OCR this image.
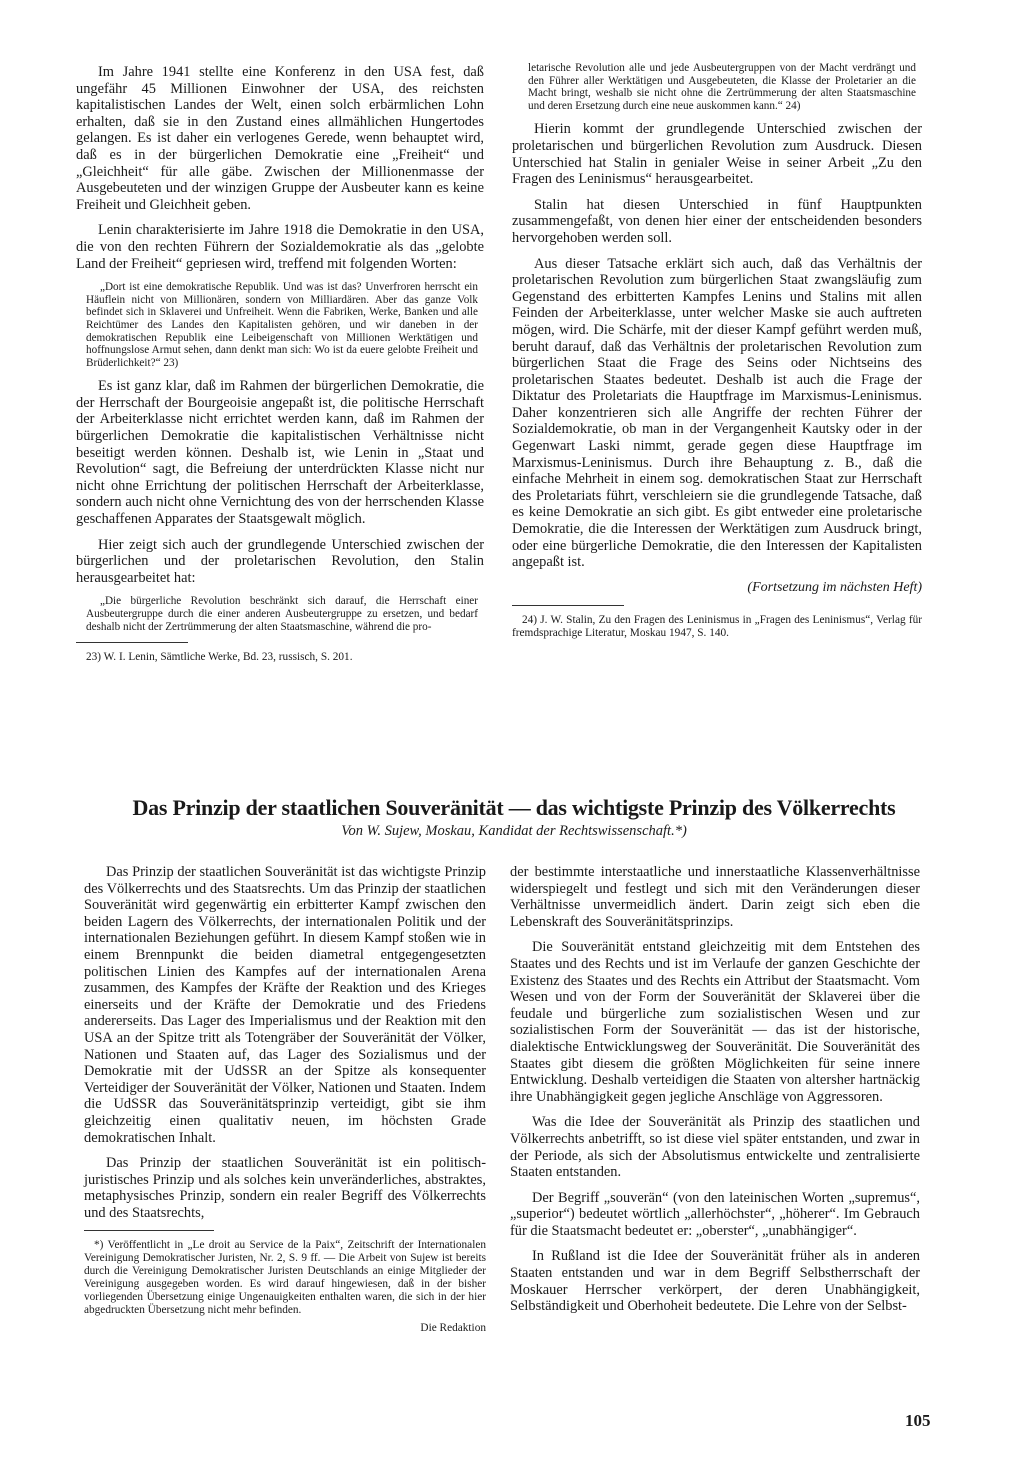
Im Jahre 1941 stellte eine Konferenz in den USA fest, daß ungefähr 45 Millionen Einwohner der USA, des reichsten kapitalistischen Landes der Welt, einen solch erbärmlichen Lohn erhalten, daß sie in den Zustand eines allmählichen Hungertodes gelangen. Es ist daher ein verlogenes Gerede, wenn behauptet wird, daß es in der bürgerlichen Demokratie eine „Freiheit“ und „Gleichheit“ für alle gäbe. Zwischen der Millionenmasse der Ausgebeuteten und der winzigen Gruppe der Ausbeuter kann es keine Freiheit und Gleichheit geben.

Lenin charakterisierte im Jahre 1918 die Demokratie in den USA, die von den rechten Führern der Sozialdemokratie als das „gelobte Land der Freiheit“ gepriesen wird, treffend mit folgenden Worten:

„Dort ist eine demokratische Republik. Und was ist das? Unverfroren herrscht ein Häuflein nicht von Millionären, sondern von Milliardären. Aber das ganze Volk befindet sich in Sklaverei und Unfreiheit. Wenn die Fabriken, Werke, Banken und alle Reichtümer des Landes den Kapitalisten gehören, und wir daneben in der demokratischen Republik eine Leibeigenschaft von Millionen Werktätigen und hoffnungslose Armut sehen, dann denkt man sich: Wo ist da euere gelobte Freiheit und Brüderlichkeit?“ 23)

Es ist ganz klar, daß im Rahmen der bürgerlichen Demokratie, die der Herrschaft der Bourgeoisie angepaßt ist, die politische Herrschaft der Arbeiterklasse nicht errichtet werden kann, daß im Rahmen der bürgerlichen Demokratie die kapitalistischen Verhältnisse nicht beseitigt werden können. Deshalb ist, wie Lenin in „Staat und Revolution“ sagt, die Befreiung der unterdrückten Klasse nicht nur nicht ohne Errichtung der politischen Herrschaft der Arbeiterklasse, sondern auch nicht ohne Vernichtung des von der herrschenden Klasse geschaffenen Apparates der Staatsgewalt möglich.

Hier zeigt sich auch der grundlegende Unterschied zwischen der bürgerlichen und der proletarischen Revolution, den Stalin herausgearbeitet hat:

„Die bürgerliche Revolution beschränkt sich darauf, die Herrschaft einer Ausbeutergruppe durch die einer anderen Ausbeutergruppe zu ersetzen, und bedarf deshalb nicht der Zertrümmerung der alten Staatsmaschine, während die pro-

23) W. I. Lenin, Sämtliche Werke, Bd. 23, russisch, S. 201.

letarische Revolution alle und jede Ausbeutergruppen von der Macht verdrängt und den Führer aller Werktätigen und Ausgebeuteten, die Klasse der Proletarier an die Macht bringt, weshalb sie nicht ohne die Zertrümmerung der alten Staatsmaschine und deren Ersetzung durch eine neue auskommen kann.“ 24)

Hierin kommt der grundlegende Unterschied zwischen der proletarischen und bürgerlichen Revolution zum Ausdruck. Diesen Unterschied hat Stalin in genialer Weise in seiner Arbeit „Zu den Fragen des Leninismus“ herausgearbeitet.

Stalin hat diesen Unterschied in fünf Hauptpunkten zusammengefaßt, von denen hier einer der entscheidenden besonders hervorgehoben werden soll.

Aus dieser Tatsache erklärt sich auch, daß das Verhältnis der proletarischen Revolution zum bürgerlichen Staat zwangsläufig zum Gegenstand des erbitterten Kampfes Lenins und Stalins mit allen Feinden der Arbeiterklasse, unter welcher Maske sie auch auftreten mögen, wird. Die Schärfe, mit der dieser Kampf geführt werden muß, beruht darauf, daß das Verhältnis der proletarischen Revolution zum bürgerlichen Staat die Frage des Seins oder Nichtseins des proletarischen Staates bedeutet. Deshalb ist auch die Frage der Diktatur des Proletariats die Hauptfrage im Marxismus-Leninismus. Daher konzentrieren sich alle Angriffe der rechten Führer der Sozialdemokratie, ob man in der Vergangenheit Kautsky oder in der Gegenwart Laski nimmt, gerade gegen diese Hauptfrage im Marxismus-Leninismus. Durch ihre Behauptung z. B., daß die einfache Mehrheit in einem sog. demokratischen Staat zur Herrschaft des Proletariats führt, verschleiern sie die grundlegende Tatsache, daß es keine Demokratie an sich gibt. Es gibt entweder eine proletarische Demokratie, die die Interessen der Werktätigen zum Ausdruck bringt, oder eine bürgerliche Demokratie, die den Interessen der Kapitalisten angepaßt ist.

(Fortsetzung im nächsten Heft)

24) J. W. Stalin, Zu den Fragen des Leninismus in „Fragen des Leninismus“, Verlag für fremdsprachige Literatur, Moskau 1947, S. 140.

Das Prinzip der staatlichen Souveränität — das wichtigste Prinzip des Völkerrechts
Von W. Sujew, Moskau, Kandidat der Rechtswissenschaft.*)

Das Prinzip der staatlichen Souveränität ist das wichtigste Prinzip des Völkerrechts und des Staatsrechts. Um das Prinzip der staatlichen Souveränität wird gegenwärtig ein erbitterter Kampf zwischen den beiden Lagern des Völkerrechts, der internationalen Politik und der internationalen Beziehungen geführt. In diesem Kampf stoßen wie in einem Brennpunkt die beiden diametral entgegengesetzten politischen Linien des Kampfes auf der internationalen Arena zusammen, des Kampfes der Kräfte der Reaktion und des Krieges einerseits und der Kräfte der Demokratie und des Friedens andererseits. Das Lager des Imperialismus und der Reaktion mit den USA an der Spitze tritt als Totengräber der Souveränität der Völker, Nationen und Staaten auf, das Lager des Sozialismus und der Demokratie mit der UdSSR an der Spitze als konsequenter Verteidiger der Souveränität der Völker, Nationen und Staaten. Indem die UdSSR das Souveränitätsprinzip verteidigt, gibt sie ihm gleichzeitig einen qualitativ neuen, im höchsten Grade demokratischen Inhalt.

Das Prinzip der staatlichen Souveränität ist ein politisch-juristisches Prinzip und als solches kein unveränderliches, abstraktes, metaphysisches Prinzip, sondern ein realer Begriff des Völkerrechts und des Staatsrechts,

*) Veröffentlicht in „Le droit au Service de la Paix“, Zeitschrift der Internationalen Vereinigung Demokratischer Juristen, Nr. 2, S. 9 ff. — Die Arbeit von Sujew ist bereits durch die Vereinigung Demokratischer Juristen Deutschlands an einige Mitglieder der Vereinigung ausgegeben worden. Es wird darauf hingewiesen, daß in der bisher vorliegenden Übersetzung einige Ungenauigkeiten enthalten waren, die sich in der hier abgedruckten Übersetzung nicht mehr befinden.

Die Redaktion

der bestimmte interstaatliche und innerstaatliche Klassenverhältnisse widerspiegelt und festlegt und sich mit den Veränderungen dieser Verhältnisse unvermeidlich ändert. Darin zeigt sich eben die Lebenskraft des Souveränitätsprinzips.

Die Souveränität entstand gleichzeitig mit dem Entstehen des Staates und des Rechts und ist im Verlaufe der ganzen Geschichte der Existenz des Staates und des Rechts ein Attribut der Staatsmacht. Vom Wesen und von der Form der Souveränität der Sklaverei über die feudale und bürgerliche zum sozialistischen Wesen und zur sozialistischen Form der Souveränität — das ist der historische, dialektische Entwicklungsweg der Souveränität. Die Souveränität des Staates gibt diesem die größten Möglichkeiten für seine innere Entwicklung. Deshalb verteidigen die Staaten von altersher hartnäckig ihre Unabhängigkeit gegen jegliche Anschläge von Aggressoren.

Was die Idee der Souveränität als Prinzip des staatlichen und Völkerrechts anbetrifft, so ist diese viel später entstanden, und zwar in der Periode, als sich der Absolutismus entwickelte und zentralisierte Staaten entstanden.

Der Begriff „souverän“ (von den lateinischen Worten „supremus“, „superior“) bedeutet wörtlich „allerhöchster“, „höherer“. Im Gebrauch für die Staatsmacht bedeutet er: „oberster“, „unabhängiger“.

In Rußland ist die Idee der Souveränität früher als in anderen Staaten entstanden und war in dem Begriff Selbstherrschaft der Moskauer Herrscher verkörpert, der deren Unabhängigkeit, Selbständigkeit und Oberhoheit bedeutete. Die Lehre von der Selbst-

105
